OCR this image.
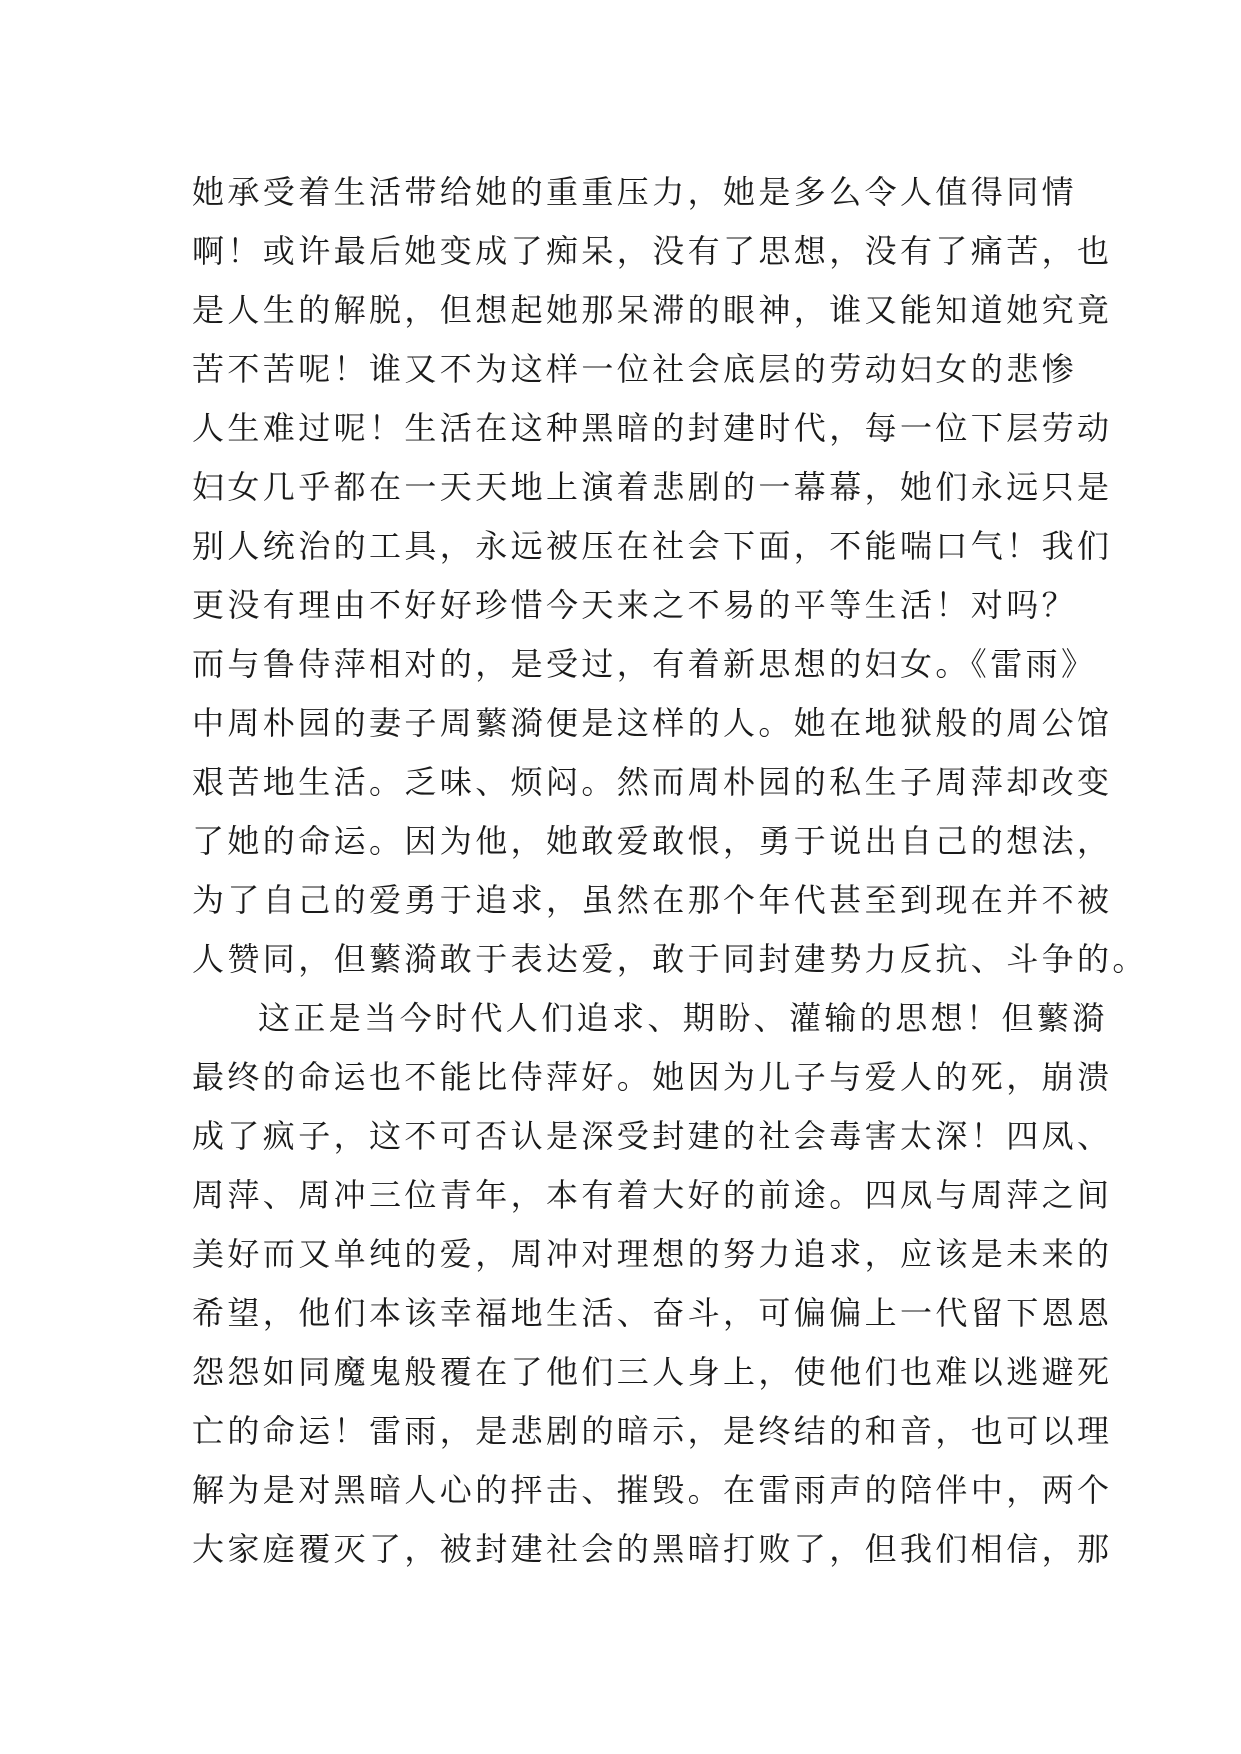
她承受着生活带给她的重重压力，她是多么令人值得同情
啊！或许最后她变成了痴呆，没有了思想，没有了痛苦，也
是人生的解脱，但想起她那呆滞的眼神，谁又能知道她究竟
苦不苦呢！谁又不为这样一位社会底层的劳动妇女的悲惨
人生难过呢！生活在这种黑暗的封建时代，每一位下层劳动
妇女几乎都在一天天地上演着悲剧的一幕幕，她们永远只是
别人统治的工具，永远被压在社会下面，不能喘口气！我们
更没有理由不好好珍惜今天来之不易的平等生活！对吗？
而与鲁侍萍相对的，是受过，有着新思想的妇女。《雷雨》
中周朴园的妻子周蘩漪便是这样的人。她在地狱般的周公馆
艰苦地生活。乏味、烦闷。然而周朴园的私生子周萍却改变
了她的命运。因为他，她敢爱敢恨，勇于说出自己的想法，
为了自己的爱勇于追求，虽然在那个年代甚至到现在并不被
人赞同，但蘩漪敢于表达爱，敢于同封建势力反抗、斗争的。
这正是当今时代人们追求、期盼、灌输的思想！但蘩漪
最终的命运也不能比侍萍好。她因为儿子与爱人的死，崩溃
成了疯子，这不可否认是深受封建的社会毒害太深！四凤、
周萍、周冲三位青年，本有着大好的前途。四凤与周萍之间
美好而又单纯的爱，周冲对理想的努力追求，应该是未来的
希望，他们本该幸福地生活、奋斗，可偏偏上一代留下恩恩
怨怨如同魔鬼般覆在了他们三人身上，使他们也难以逃避死
亡的命运！雷雨，是悲剧的暗示，是终结的和音，也可以理
解为是对黑暗人心的抨击、摧毁。在雷雨声的陪伴中，两个
大家庭覆灭了，被封建社会的黑暗打败了，但我们相信，那
